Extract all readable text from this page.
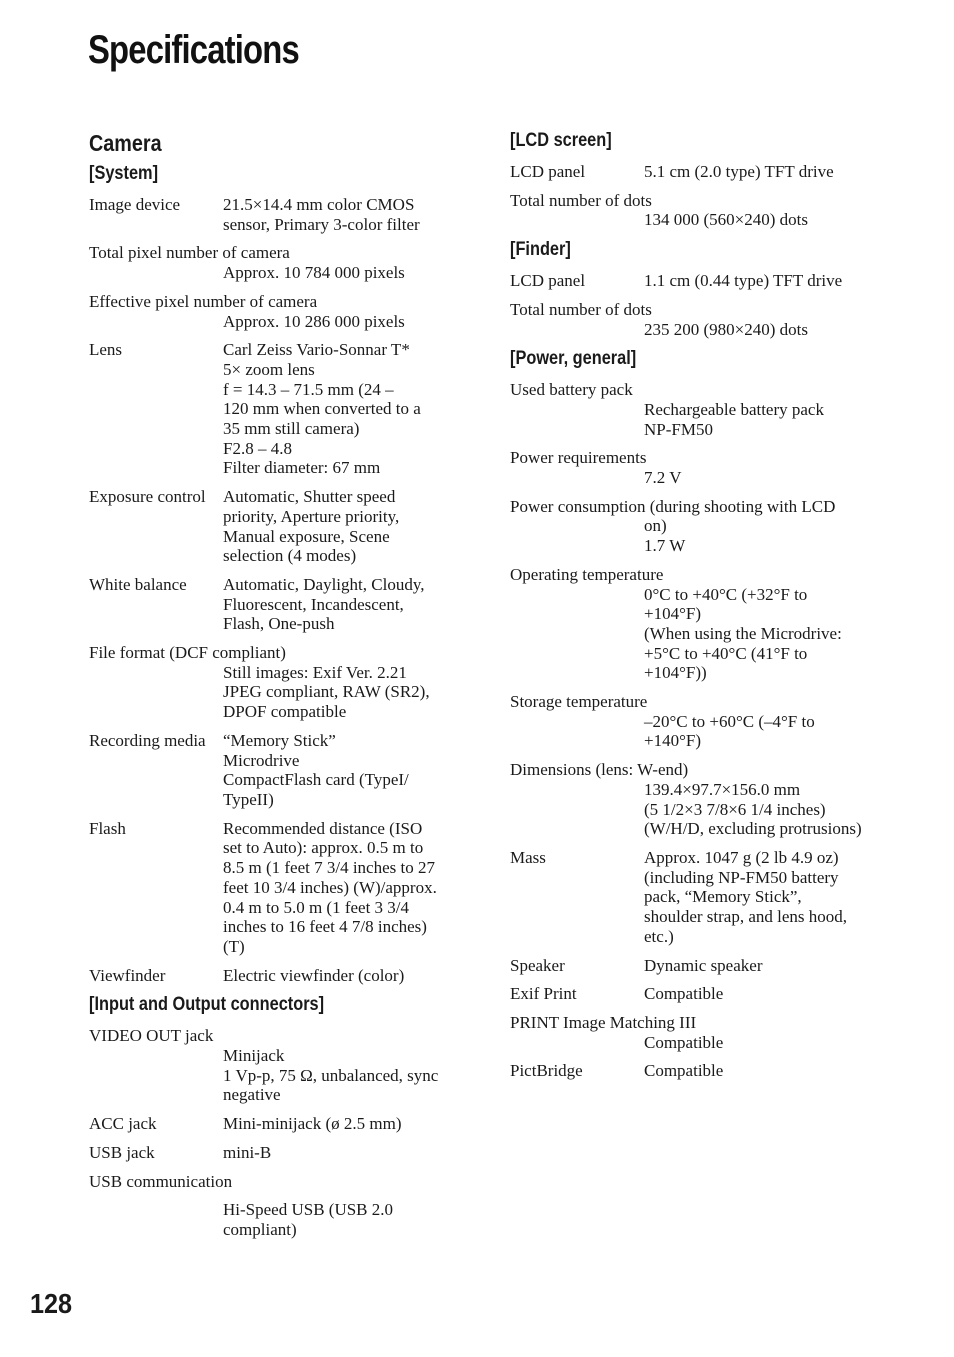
Specifications
Camera
[System]
Image device	21.5×14.4 mm color CMOS
sensor, Primary 3-color filter
Total pixel number of camera
Approx. 10 784 000 pixels
Effective pixel number of camera
Approx. 10 286 000 pixels
Lens	Carl Zeiss Vario-Sonnar T*
5× zoom lens
f = 14.3 – 71.5 mm (24 –
120 mm when converted to a
35 mm still camera)
F2.8 – 4.8
Filter diameter: 67 mm
Exposure control	Automatic, Shutter speed
priority, Aperture priority,
Manual exposure, Scene
selection (4 modes)
White balance	Automatic, Daylight, Cloudy,
Fluorescent, Incandescent,
Flash, One-push
File format (DCF compliant)
Still images: Exif Ver. 2.21
JPEG compliant, RAW (SR2),
DPOF compatible
Recording media	“Memory Stick”
Microdrive
CompactFlash card (TypeI/
TypeII)
Flash	Recommended distance (ISO
set to Auto): approx. 0.5 m to
8.5 m (1 feet 7 3/4 inches to 27
feet 10 3/4 inches) (W)/approx.
0.4 m to 5.0 m (1 feet 3 3/4
inches to 16 feet 4 7/8 inches)
(T)
Viewfinder	Electric viewfinder (color)
[Input and Output connectors]
VIDEO OUT jack
Minijack
1 Vp-p, 75 Ω, unbalanced, sync
negative
ACC jack	Mini-minijack (ø 2.5 mm)
USB jack	mini-B
USB communication
Hi-Speed USB (USB 2.0
compliant)
[LCD screen]
LCD panel	5.1 cm (2.0 type) TFT drive
Total number of dots
134 000 (560×240) dots
[Finder]
LCD panel	1.1 cm (0.44 type) TFT drive
Total number of dots
235 200 (980×240) dots
[Power, general]
Used battery pack
Rechargeable battery pack
NP-FM50
Power requirements
7.2 V
Power consumption (during shooting with LCD
on)
1.7 W
Operating temperature
0°C to +40°C (+32°F to
+104°F)
(When using the Microdrive:
+5°C to +40°C (41°F to
+104°F))
Storage temperature
–20°C to +60°C (–4°F to
+140°F)
Dimensions (lens: W-end)
139.4×97.7×156.0 mm
(5 1/2×3 7/8×6 1/4 inches)
(W/H/D, excluding protrusions)
Mass	Approx. 1047 g (2 lb 4.9 oz)
(including NP-FM50 battery
pack, “Memory Stick”,
shoulder strap, and lens hood,
etc.)
Speaker	Dynamic speaker
Exif Print	Compatible
PRINT Image Matching III
Compatible
PictBridge	Compatible
128
